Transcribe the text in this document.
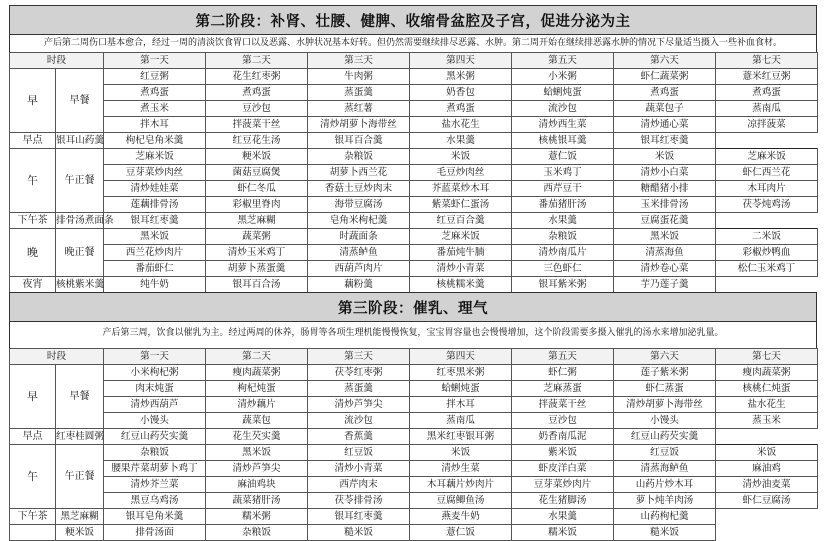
第二阶段：补肾、壮腰、健脾、收缩骨盆腔及子宫，促进分泌为主
产后第二周伤口基本愈合，经过一周的清淡饮食胃口以及恶露、水肿状况基本好转。但仍然需要继续排尽恶露、水肿。第二周开始在继续排恶露水肿的情况下尽量适当摄入一些补血食材。
时段		第一天	第二天	第三天	第四天	第五天	第六天	第七天
早	早餐	红豆粥	花生红枣粥	牛肉粥	黑米粥	小米粥	虾仁蔬菜粥	薏米红豆粥
		煮鸡蛋	煮鸡蛋	蒸蛋羹	奶香包	蛤蜊炖蛋	煮鸡蛋	煮鸡蛋
		煮玉米	豆沙包	蒸红薯	煮鸡蛋	流沙包	蔬菜包子	蒸南瓜
		拌木耳	拌菠菜干丝	清炒胡萝卜海带丝	盐水花生	清炒西生菜	清炒通心菜	凉拌菠菜
早点	银耳山药羹	枸杞皂角米羹	红豆花生汤	银耳百合羹	水果羹	核桃银耳羹	银耳红枣羹	
午	午正餐	芝麻米饭	粳米饭	杂粮饭	米饭	薏仁饭	米饭	芝麻米饭
		豆芽菜炒肉丝	菌菇豆腐煲	胡萝卜西兰花	毛豆炒肉丝	玉米鸡丁	清炒小白菜	虾仁西兰花
		清炒娃娃菜	虾仁冬瓜	香菇土豆炒肉末	芥蓝菜炒木耳	西芹豆干	糖醋猪小排	木耳肉片
		莲藕排骨汤	彩椒里脊肉	海带豆腐汤	紫菜虾仁蛋汤	番茄猪肝汤	玉米排骨汤	茯苓炖鸡汤
下午茶	排骨汤煮面条	银耳红枣羹	黑芝麻糊	皂角米枸杞羹	红豆百合羹	水果羹	豆腐蛋花羹	
晚	晚正餐	黑米饭	蔬菜粥	时蔬面条	芝麻米饭	杂粮饭	黑米饭	二米饭
		西兰花炒肉片	清炒玉米鸡丁	清蒸鲈鱼	番茄炖牛腩	清炒南瓜片	清蒸海鱼	彩椒炒鸭血
		番茄虾仁	胡萝卜蒸蛋羹	西葫芦肉片	清炒小青菜	三色虾仁	清炒卷心菜	松仁玉米鸡丁
夜宵	核桃紫米羹	纯牛奶	银耳百合汤	藕粉羹	核桃糯米羹	银耳紫米粥	芋乃莲子羹	
第三阶段：催乳、理气
产后第三周，饮食以催乳为主。经过两周的休养，肠胃等各项生理机能慢慢恢复，宝宝胃容量也会慢慢增加，这个阶段需要多摄入催乳的汤水来增加泌乳量。
时段		第一天	第二天	第三天	第四天	第五天	第六天	第七天
早	早餐	小米枸杞粥	瘦肉蔬菜粥	茯苓红枣粥	红枣黑米粥	虾仁粥	莲子紫米粥	瘦肉蔬菜粥
		肉末炖蛋	枸杞炖蛋	蒸蛋羹	蛤蜊炖蛋	芝麻蒸蛋	虾仁蒸蛋	核桃仁炖蛋
		清炒西葫芦	清炒藕片	清炒芦笋尖	拌木耳	拌菠菜干丝	清炒胡萝卜海带丝	盐水花生
		小馒头	蔬菜包	流沙包	蒸南瓜	豆沙包	小馒头	蒸玉米
早点	红枣桂圆粥	红豆山药芡实羹	花生芡实羹	香蕉羹	黑米红枣银耳粥	奶香南瓜泥	红豆山药芡实羹	
午	午正餐	杂粮饭	黑米饭	红豆饭	米饭	紫米饭	红豆饭	米饭
		腰果芹菜胡萝卜鸡丁	清炒芦笋尖	清炒小青菜	清炒生菜	虾皮洋白菜	清蒸海鲈鱼	麻油鸡
		清炒芥兰菜	麻油鸡块	西芹肉末	木耳藕片炒肉片	豆芽菜炒肉片	山药片炒木耳	清炒油麦菜
		黑豆乌鸡汤	蔬菜猪肝汤	茯苓排骨汤	豆腐鲫鱼汤	花生猪脚汤	萝卜炖羊肉汤	虾仁豆腐汤
下午茶	黑芝麻糊	银耳皂角米羹	糯米粥	银耳红枣羹	燕麦牛奶	水果羹	山药枸杞羹	
	粳米饭	排骨汤面	杂粮饭	糙米饭	薏仁饭	糯米饭	糙米饭	
